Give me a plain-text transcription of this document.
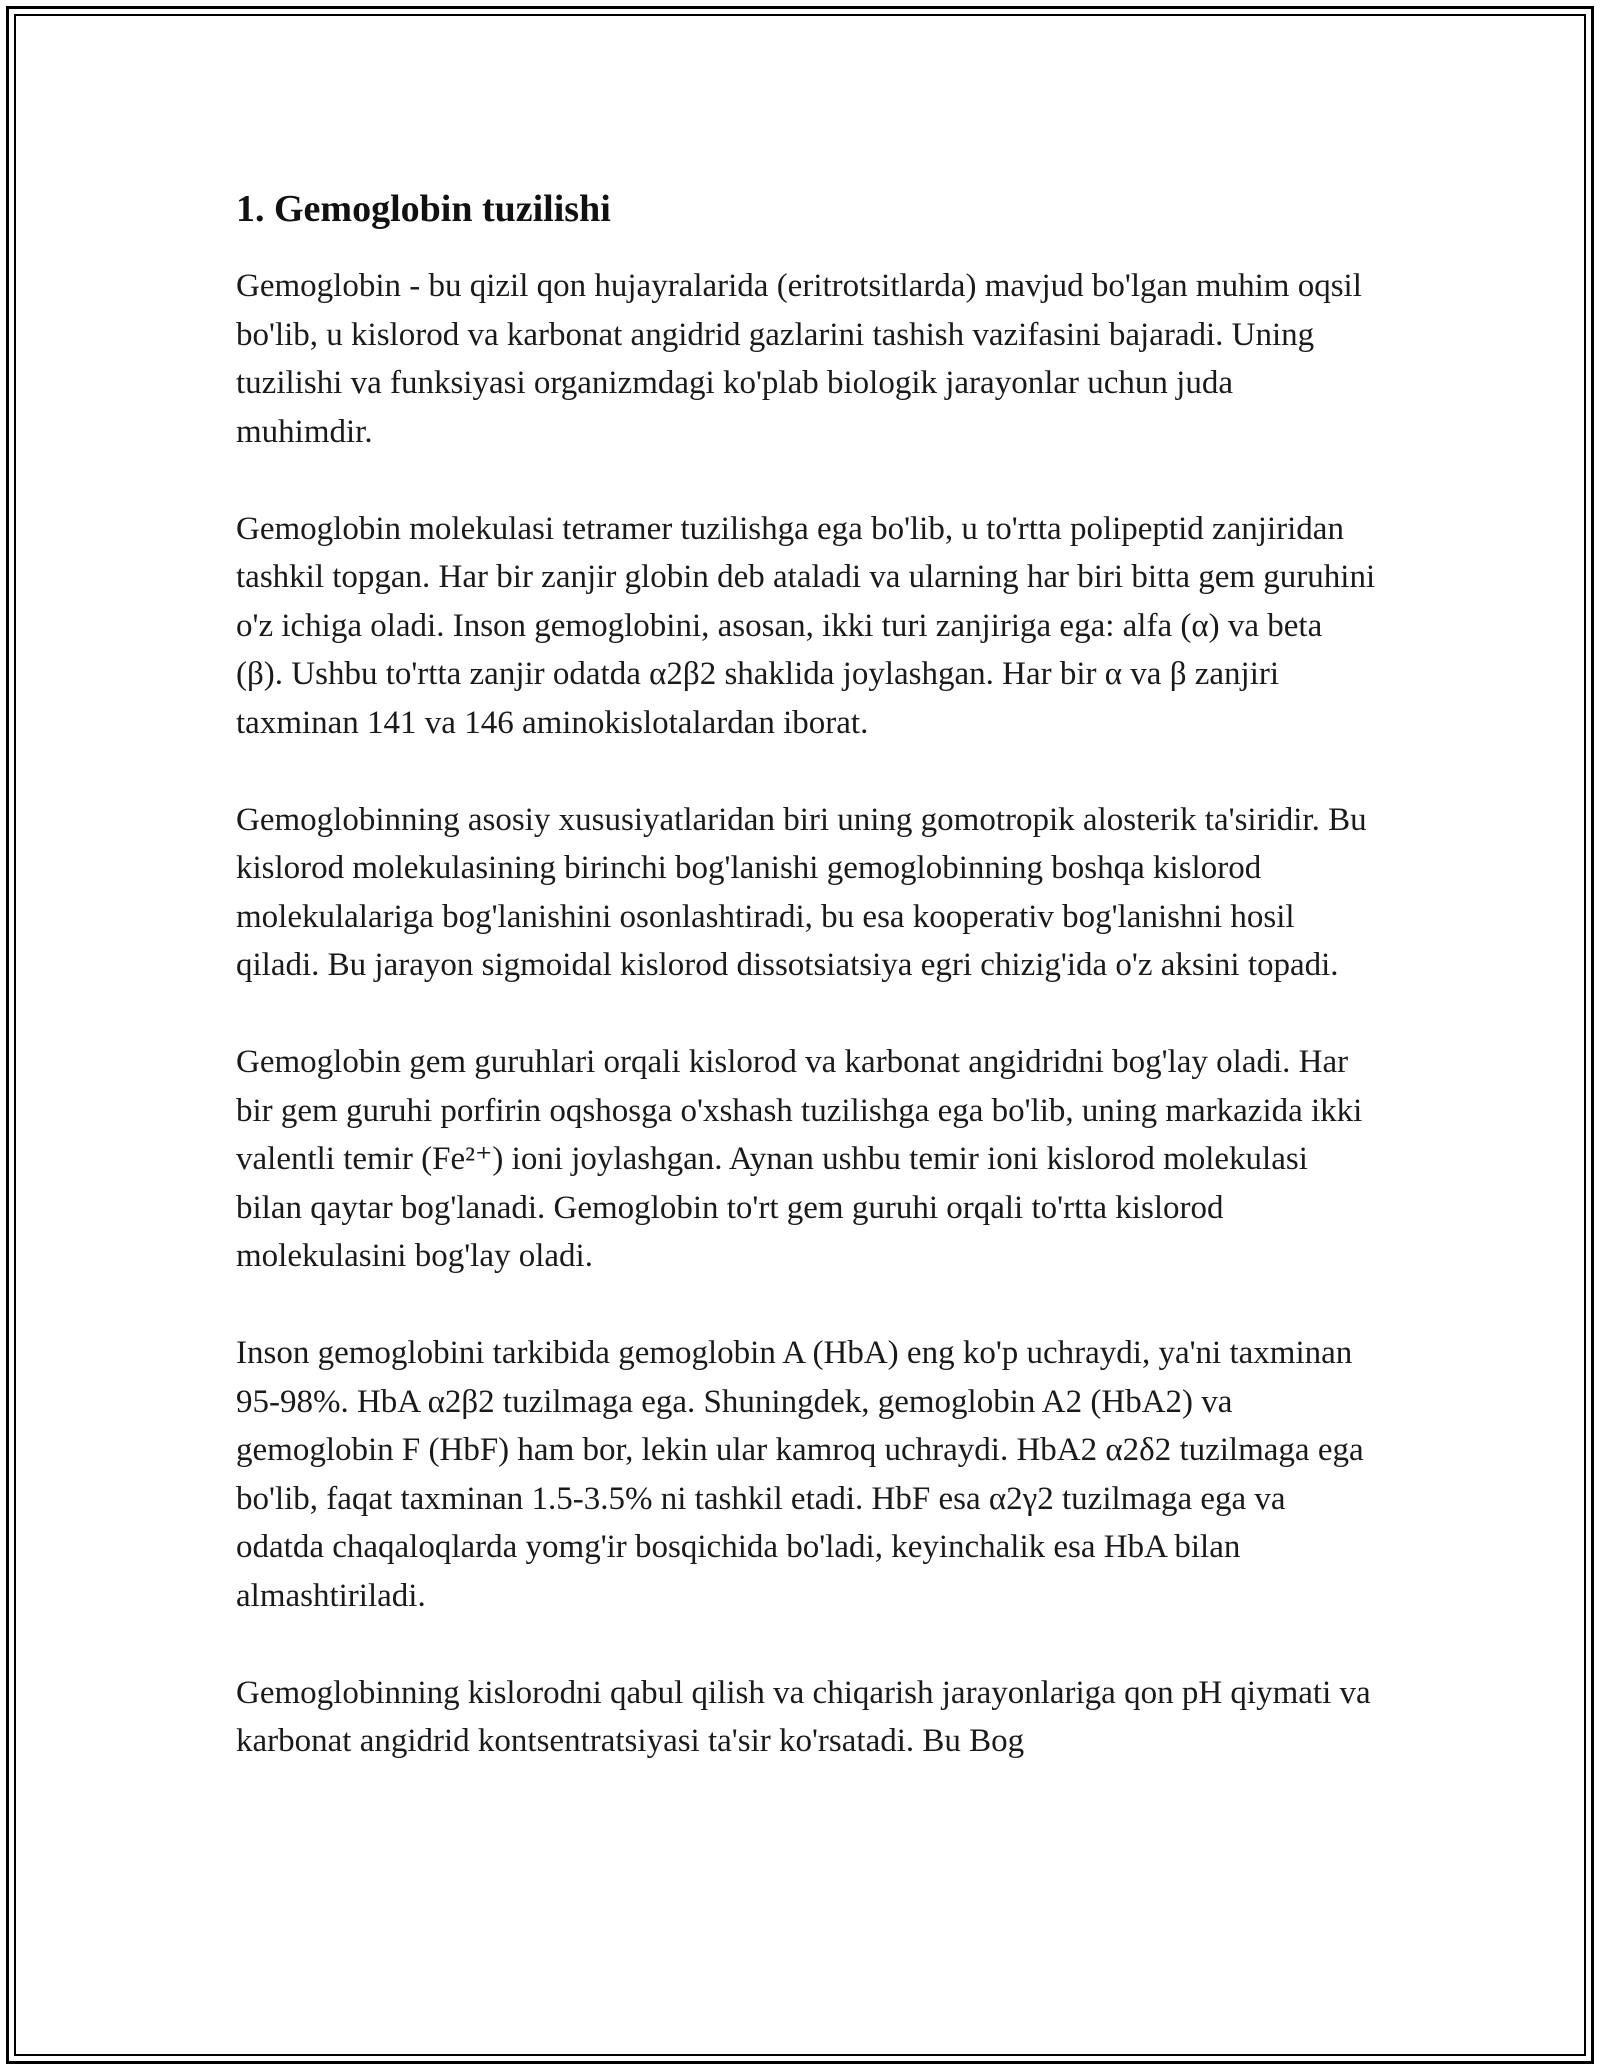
1. Gemoglobin tuzilishi

Gemoglobin - bu qizil qon hujayralarida (eritrotsitlarda) mavjud bo'lgan muhim oqsil bo'lib, u kislorod va karbonat angidrid gazlarini tashish vazifasini bajaradi. Uning tuzilishi va funksiyasi organizmdagi ko'plab biologik jarayonlar uchun juda muhimdir.

Gemoglobin molekulasi tetramer tuzilishga ega bo'lib, u to'rtta polipeptid zanjiridan tashkil topgan. Har bir zanjir globin deb ataladi va ularning har biri bitta gem guruhini o'z ichiga oladi. Inson gemoglobini, asosan, ikki turi zanjiriga ega: alfa (α) va beta (β). Ushbu to'rtta zanjir odatda α2β2 shaklida joylashgan. Har bir α va β zanjiri taxminan 141 va 146 aminokislotalardan iborat.

Gemoglobinning asosiy xususiyatlaridan biri uning gomotropik alosterik ta'siridir. Bu kislorod molekulasining birinchi bog'lanishi gemoglobinning boshqa kislorod molekulalariga bog'lanishini osonlashtiradi, bu esa kooperativ bog'lanishni hosil qiladi. Bu jarayon sigmoidal kislorod dissotsiatsiya egri chizig'ida o'z aksini topadi.

Gemoglobin gem guruhlari orqali kislorod va karbonat angidridni bog'lay oladi. Har bir gem guruhi porfirin oqshosga o'xshash tuzilishga ega bo'lib, uning markazida ikki valentli temir (Fe²⁺) ioni joylashgan. Aynan ushbu temir ioni kislorod molekulasi bilan qaytar bog'lanadi. Gemoglobin to'rt gem guruhi orqali to'rtta kislorod molekulasini bog'lay oladi.

Inson gemoglobini tarkibida gemoglobin A (HbA) eng ko'p uchraydi, ya'ni taxminan 95-98%. HbA α2β2 tuzilmaga ega. Shuningdek, gemoglobin A2 (HbA2) va gemoglobin F (HbF) ham bor, lekin ular kamroq uchraydi. HbA2 α2δ2 tuzilmaga ega bo'lib, faqat taxminan 1.5-3.5% ni tashkil etadi. HbF esa α2γ2 tuzilmaga ega va odatda chaqaloqlarda yomg'ir bosqichida bo'ladi, keyinchalik esa HbA bilan almashtiriladi.

Gemoglobinning kislorodni qabul qilish va chiqarish jarayonlariga qon pH qiymati va karbonat angidrid kontsentratsiyasi ta'sir ko'rsatadi. Bu Bog
